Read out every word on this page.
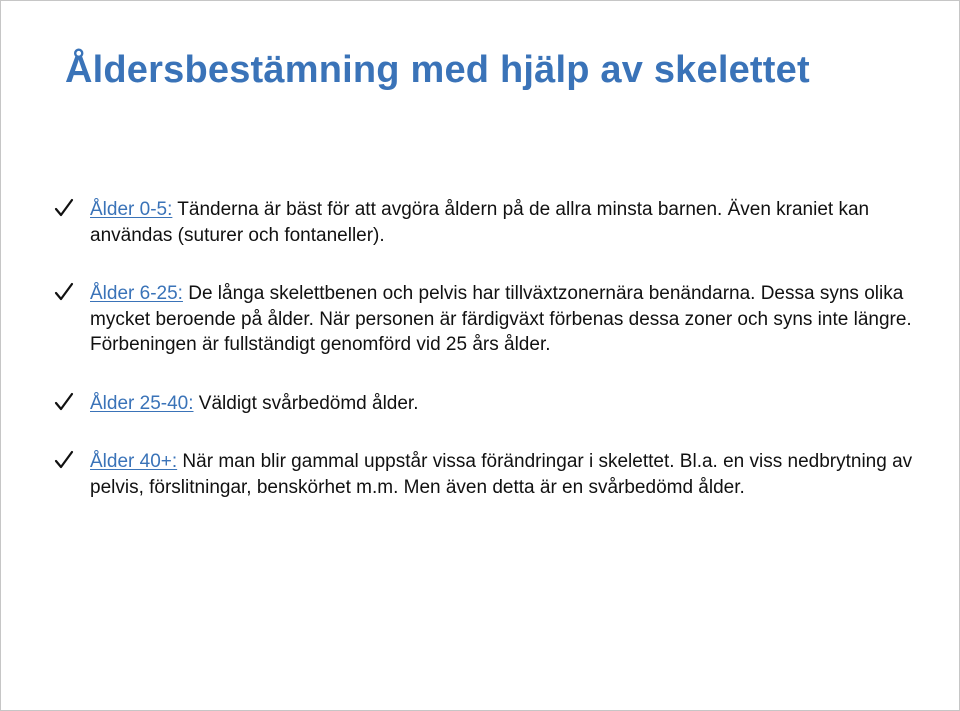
Åldersbestämning med hjälp av skelettet
Ålder 0-5: Tänderna är bäst för att avgöra åldern på de allra minsta barnen. Även kraniet kan användas (suturer och fontaneller).
Ålder 6-25: De långa skelettbenen och pelvis har tillväxtzonernära benändarna. Dessa syns olika mycket beroende på ålder. När personen är färdigväxt förbenas dessa zoner och syns inte längre. Förbeningen är fullständigt genomförd vid 25 års ålder.
Ålder 25-40: Väldigt svårbedömd ålder.
Ålder 40+: När man blir gammal uppstår vissa förändringar i skelettet. Bl.a. en viss nedbrytning av pelvis, förslitningar, benskörhet m.m. Men även detta är en svårbedömd ålder.
